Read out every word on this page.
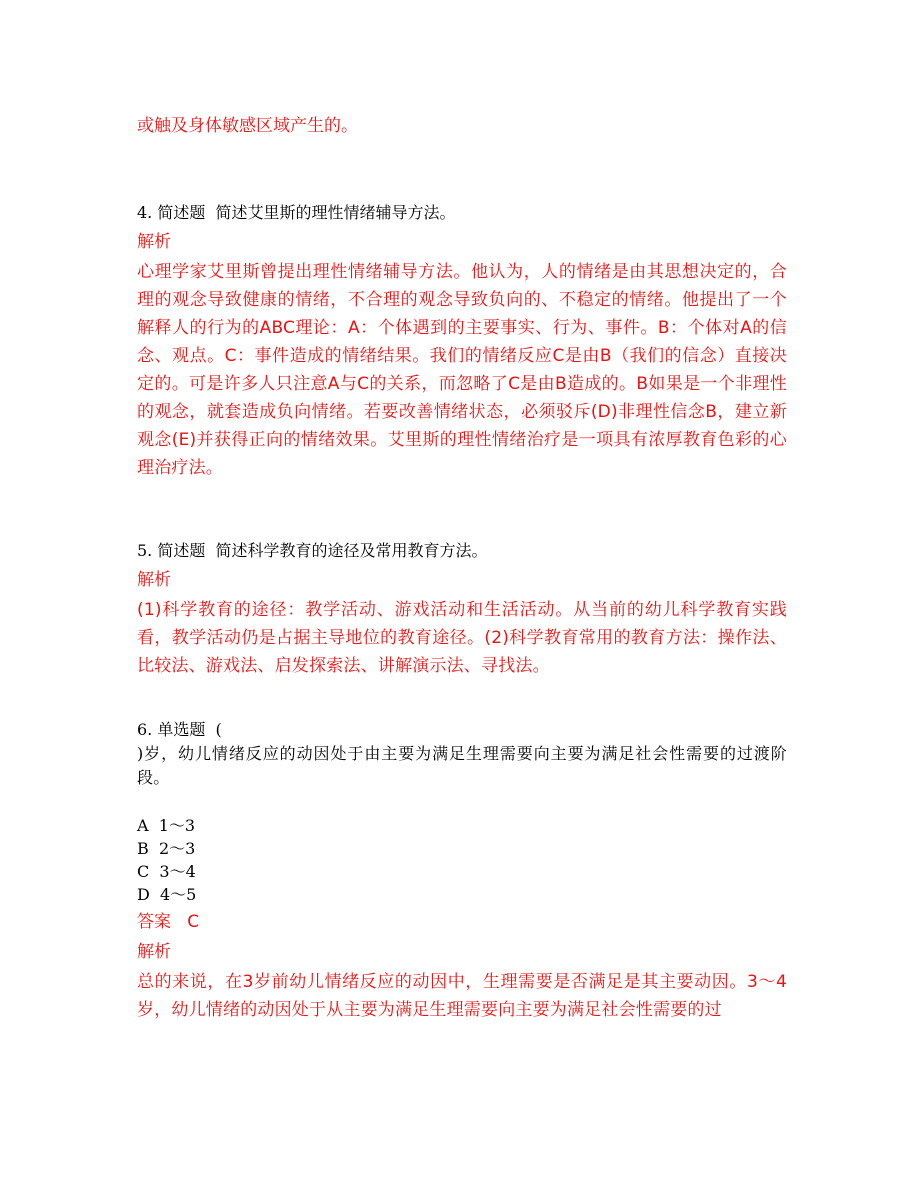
或触及身体敏感区域产生的。
4. 简述题 简述艾里斯的理性情绪辅导方法。
解析
心理学家艾里斯曾提出理性情绪辅导方法。他认为，人的情绪是由其思想决定的，合理的观念导致健康的情绪，不合理的观念导致负向的、不稳定的情绪。他提出了一个解释人的行为的ABC理论：A：个体遇到的主要事实、行为、事件。B：个体对A的信念、观点。C：事件造成的情绪结果。我们的情绪反应C是由B（我们的信念）直接决定的。可是许多人只注意A与C的关系，而忽略了C是由B造成的。B如果是一个非理性的观念，就套造成负向情绪。若要改善情绪状态，必须驳斥(D)非理性信念B，建立新观念(E)并获得正向的情绪效果。艾里斯的理性情绪治疗是一项具有浓厚教育色彩的心理治疗法。
5. 简述题 简述科学教育的途径及常用教育方法。
解析
(1)科学教育的途径：教学活动、游戏活动和生活活动。从当前的幼儿科学教育实践看，教学活动仍是占据主导地位的教育途径。(2)科学教育常用的教育方法：操作法、比较法、游戏法、启发探索法、讲解演示法、寻找法。
6. 单选题 (
)岁，幼儿情绪反应的动因处于由主要为满足生理需要向主要为满足社会性需要的过渡阶段。
A 1～3
B 2～3
C 3～4
D 4～5
答案 C
解析
总的来说，在3岁前幼儿情绪反应的动因中，生理需要是否满足是其主要动因。3～4岁，幼儿情绪的动因处于从主要为满足生理需要向主要为满足社会性需要的过
